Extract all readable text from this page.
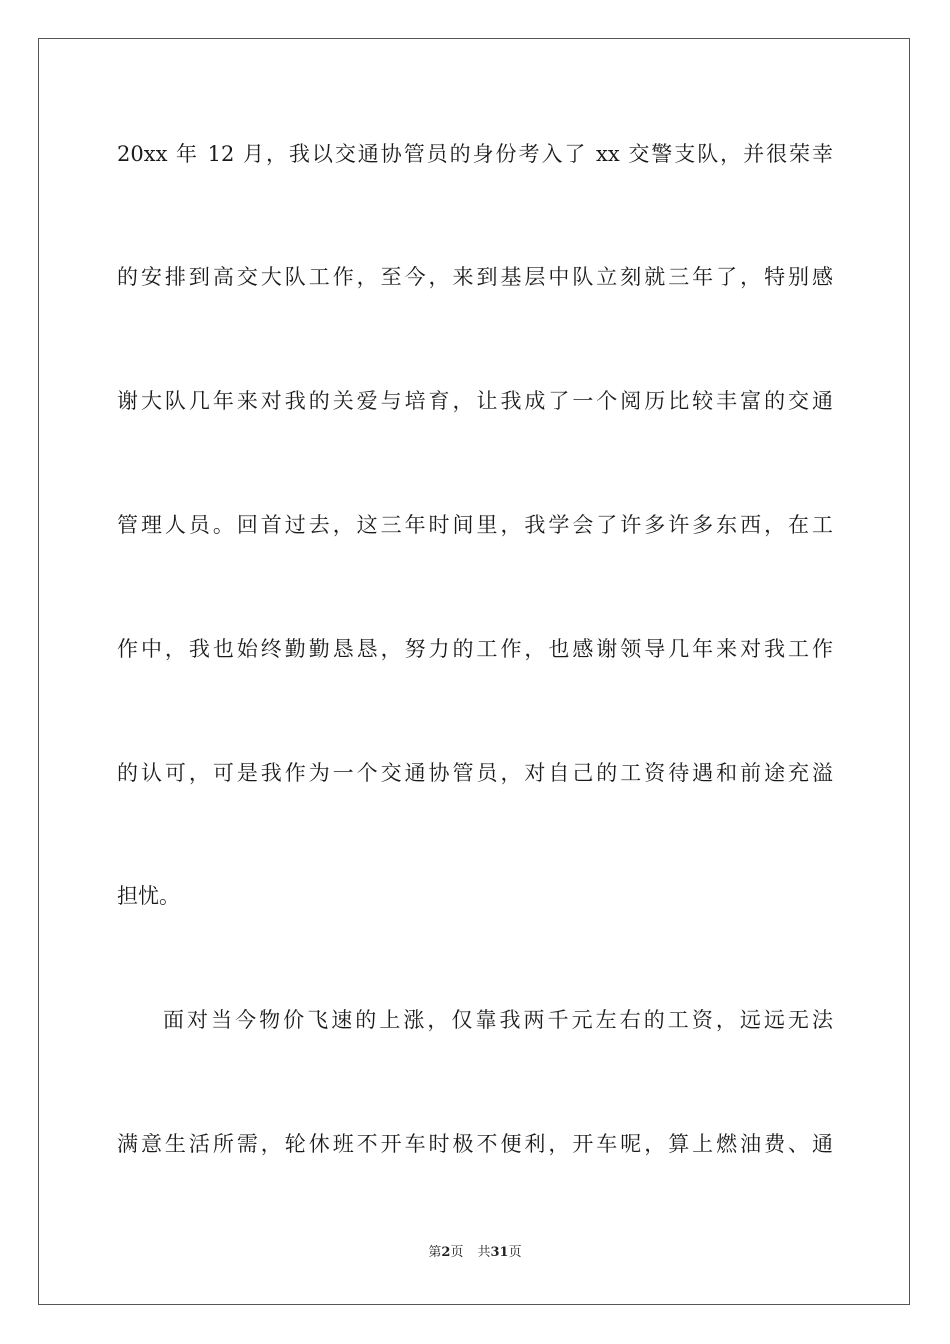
20xx 年 12 月，我以交通协管员的身份考入了 xx 交警支队，并很荣幸
的安排到高交大队工作，至今，来到基层中队立刻就三年了，特别感
谢大队几年来对我的关爱与培育，让我成了一个阅历比较丰富的交通
管理人员。回首过去，这三年时间里，我学会了许多许多东西，在工
作中，我也始终勤勤恳恳，努力的工作，也感谢领导几年来对我工作
的认可，可是我作为一个交通协管员，对自己的工资待遇和前途充溢
担忧。
面对当今物价飞速的上涨，仅靠我两千元左右的工资，远远无法
满意生活所需，轮休班不开车时极不便利，开车呢，算上燃油费、通
第2页 共31页
